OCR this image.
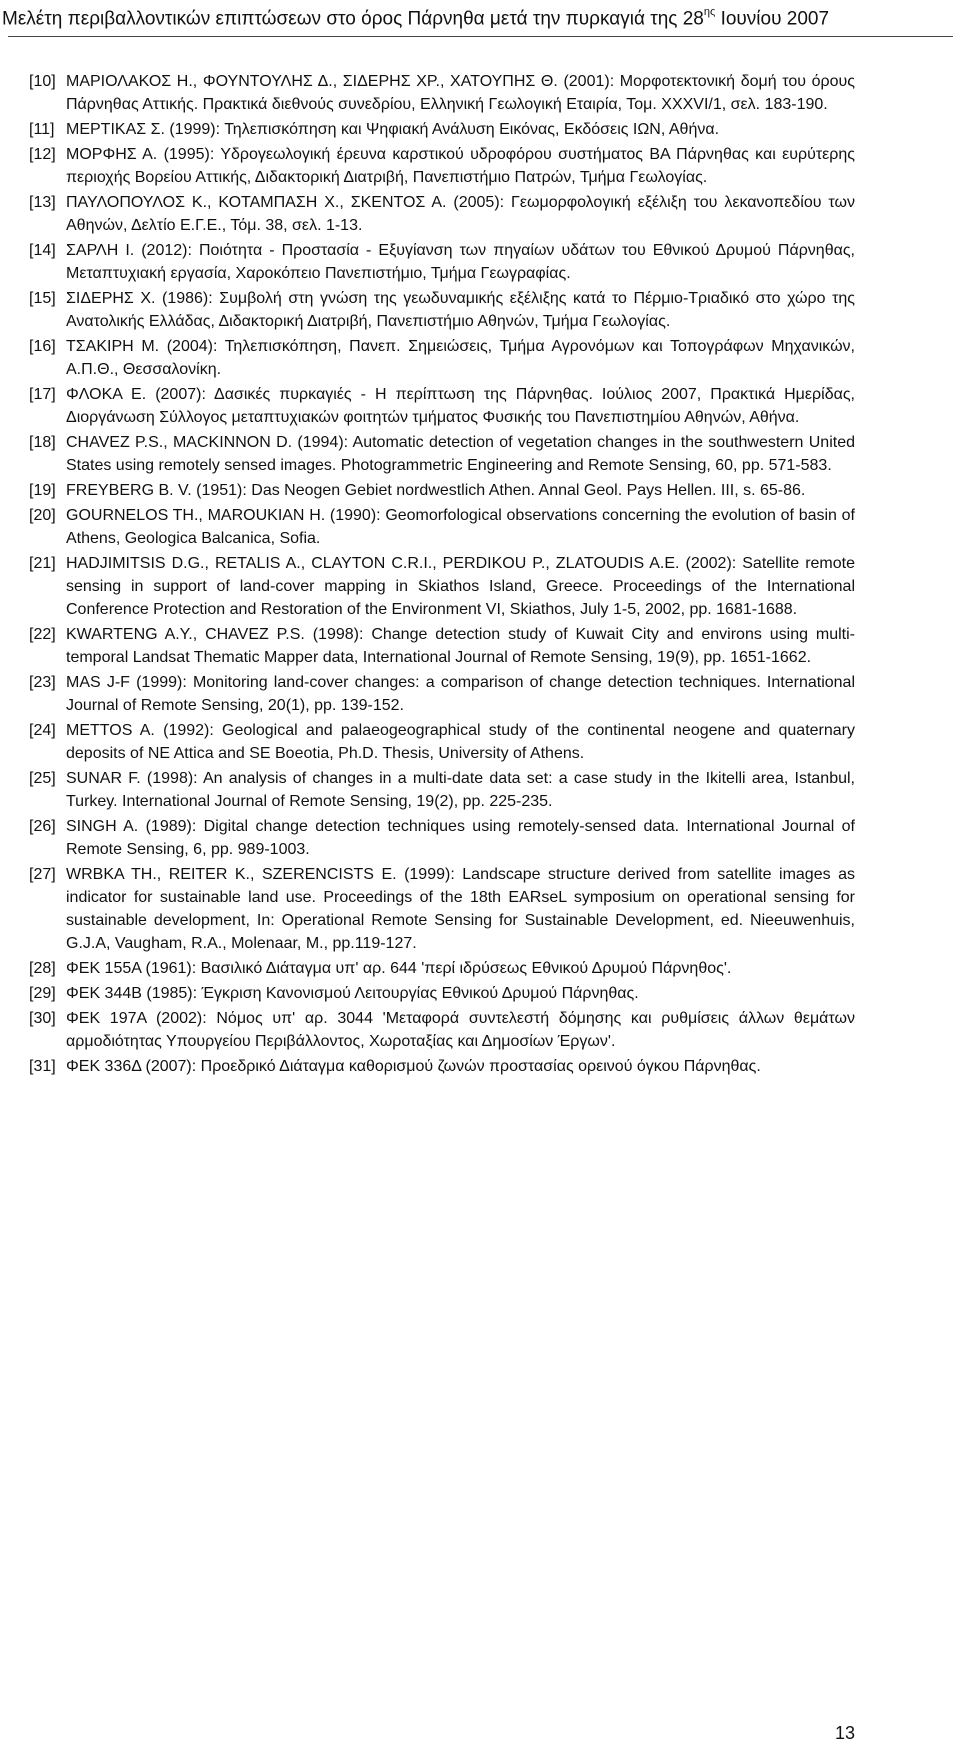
Μελέτη περιβαλλοντικών επιπτώσεων στο όρος Πάρνηθα μετά την πυρκαγιά της $28^{\eta\varsigma}$ Ιουνίου 2007
[10] ΜΑΡΙΟΛΑΚΟΣ Η., ΦΟΥΝΤΟΥΛΗΣ Δ., ΣΙΔΕΡΗΣ ΧΡ., ΧΑΤΟΥΠΗΣ Θ. (2001): Μορφοτεκτονική δομή του όρους Πάρνηθας Αττικής. Πρακτικά διεθνούς συνεδρίου, Ελληνική Γεωλογική Εταιρία, Τομ. XXXVI/1, σελ. 183-190.
[11] ΜΕΡΤΙΚΑΣ Σ. (1999): Τηλεπισκόπηση και Ψηφιακή Ανάλυση Εικόνας, Εκδόσεις ΙΩΝ, Αθήνα.
[12] ΜΟΡΦΗΣ Α. (1995): Υδρογεωλογική έρευνα καρστικού υδροφόρου συστήματος ΒΑ Πάρνηθας και ευρύτερης περιοχής Βορείου Αττικής, Διδακτορική Διατριβή, Πανεπιστήμιο Πατρών, Τμήμα Γεωλογίας.
[13] ΠΑΥΛΟΠΟΥΛΟΣ Κ., ΚΟΤΑΜΠΑΣΗ Χ., ΣΚΕΝΤΟΣ Α. (2005): Γεωμορφολογική εξέλιξη του λεκανοπεδίου των Αθηνών, Δελτίο Ε.Γ.Ε., Τόμ. 38, σελ. 1-13.
[14] ΣΑΡΛΗ Ι. (2012): Ποιότητα - Προστασία - Εξυγίανση των πηγαίων υδάτων του Εθνικού Δρυμού Πάρνηθας, Μεταπτυχιακή εργασία, Χαροκόπειο Πανεπιστήμιο, Τμήμα Γεωγραφίας.
[15] ΣΙΔΕΡΗΣ Χ. (1986): Συμβολή στη γνώση της γεωδυναμικής εξέλιξης κατά το Πέρμιο-Τριαδικό στο χώρο της Ανατολικής Ελλάδας, Διδακτορική Διατριβή, Πανεπιστήμιο Αθηνών, Τμήμα Γεωλογίας.
[16] ΤΣΑΚΙΡΗ Μ. (2004): Τηλεπισκόπηση, Πανεπ. Σημειώσεις, Τμήμα Αγρονόμων και Τοπογράφων Μηχανικών, Α.Π.Θ., Θεσσαλονίκη.
[17] ΦΛΟΚΑ Ε. (2007): Δασικές πυρκαγιές - Η περίπτωση της Πάρνηθας. Ιούλιος 2007, Πρακτικά Ημερίδας, Διοργάνωση Σύλλογος μεταπτυχιακών φοιτητών τμήματος Φυσικής του Πανεπιστημίου Αθηνών, Αθήνα.
[18] CHAVEZ P.S., MACKINNON D. (1994): Automatic detection of vegetation changes in the southwestern United States using remotely sensed images. Photogrammetric Engineering and Remote Sensing, 60, pp. 571-583.
[19] FREYBERG B. V. (1951): Das Neogen Gebiet nordwestlich Athen. Annal Geol. Pays Hellen. III, s. 65-86.
[20] GOURNELOS TH., MAROUKIAN H. (1990): Geomorfological observations concerning the evolution of basin of Athens, Geologica Balcanica, Sofia.
[21] HADJIMITSIS D.G., RETALIS A., CLAYTON C.R.I., PERDIKOU P., ZLATOUDIS A.E. (2002): Satellite remote sensing in support of land-cover mapping in Skiathos Island, Greece. Proceedings of the International Conference Protection and Restoration of the Environment VI, Skiathos, July 1-5, 2002, pp. 1681-1688.
[22] KWARTENG A.Y., CHAVEZ P.S. (1998): Change detection study of Kuwait City and environs using multi-temporal Landsat Thematic Mapper data, International Journal of Remote Sensing, 19(9), pp. 1651-1662.
[23] MAS J-F (1999): Monitoring land-cover changes: a comparison of change detection techniques. International Journal of Remote Sensing, 20(1), pp. 139-152.
[24] METTOS A. (1992): Geological and palaeogeographical study of the continental neogene and quaternary deposits of NE Attica and SE Boeotia, Ph.D. Thesis, University of Athens.
[25] SUNAR F. (1998): An analysis of changes in a multi-date data set: a case study in the Ikitelli area, Istanbul, Turkey. International Journal of Remote Sensing, 19(2), pp. 225-235.
[26] SINGH A. (1989): Digital change detection techniques using remotely-sensed data. International Journal of Remote Sensing, 6, pp. 989-1003.
[27] WRBKA TH., REITER K., SZERENCISTS E. (1999): Landscape structure derived from satellite images as indicator for sustainable land use. Proceedings of the 18th EARseL symposium on operational sensing for sustainable development, In: Operational Remote Sensing for Sustainable Development, ed. Nieeuwenhuis, G.J.A, Vaugham, R.A., Molenaar, M., pp.119-127.
[28] ΦΕΚ 155Α (1961): Βασιλικό Διάταγμα υπ' αρ. 644 'περί ιδρύσεως Εθνικού Δρυμού Πάρνηθος'.
[29] ΦΕΚ 344Β (1985): Έγκριση Κανονισμού Λειτουργίας Εθνικού Δρυμού Πάρνηθας.
[30] ΦΕΚ 197Α (2002): Νόμος υπ' αρ. 3044 'Μεταφορά συντελεστή δόμησης και ρυθμίσεις άλλων θεμάτων αρμοδιότητας Υπουργείου Περιβάλλοντος, Χωροταξίας και Δημοσίων Έργων'.
[31] ΦΕΚ 336Δ (2007): Προεδρικό Διάταγμα καθορισμού ζωνών προστασίας ορεινού όγκου Πάρνηθας.
13
